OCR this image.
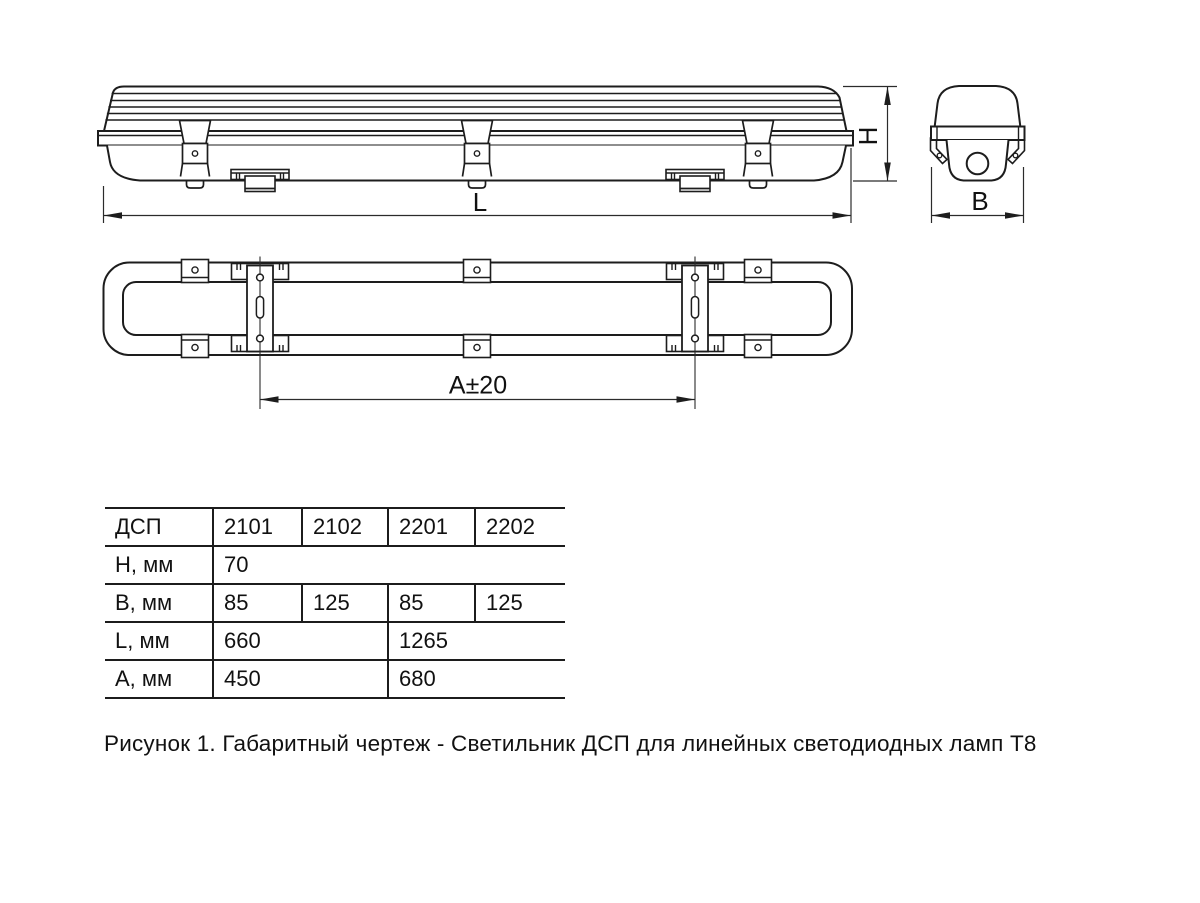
L
H
B
A±20
ДСП	2101	2102	2201	2202
H, мм	70			
B, мм	85	125	85	125
L, мм	660		1265	
A, мм	450		680	
Рисунок 1. Габаритный чертеж - Светильник ДСП для линейных светодиодных ламп Т8
